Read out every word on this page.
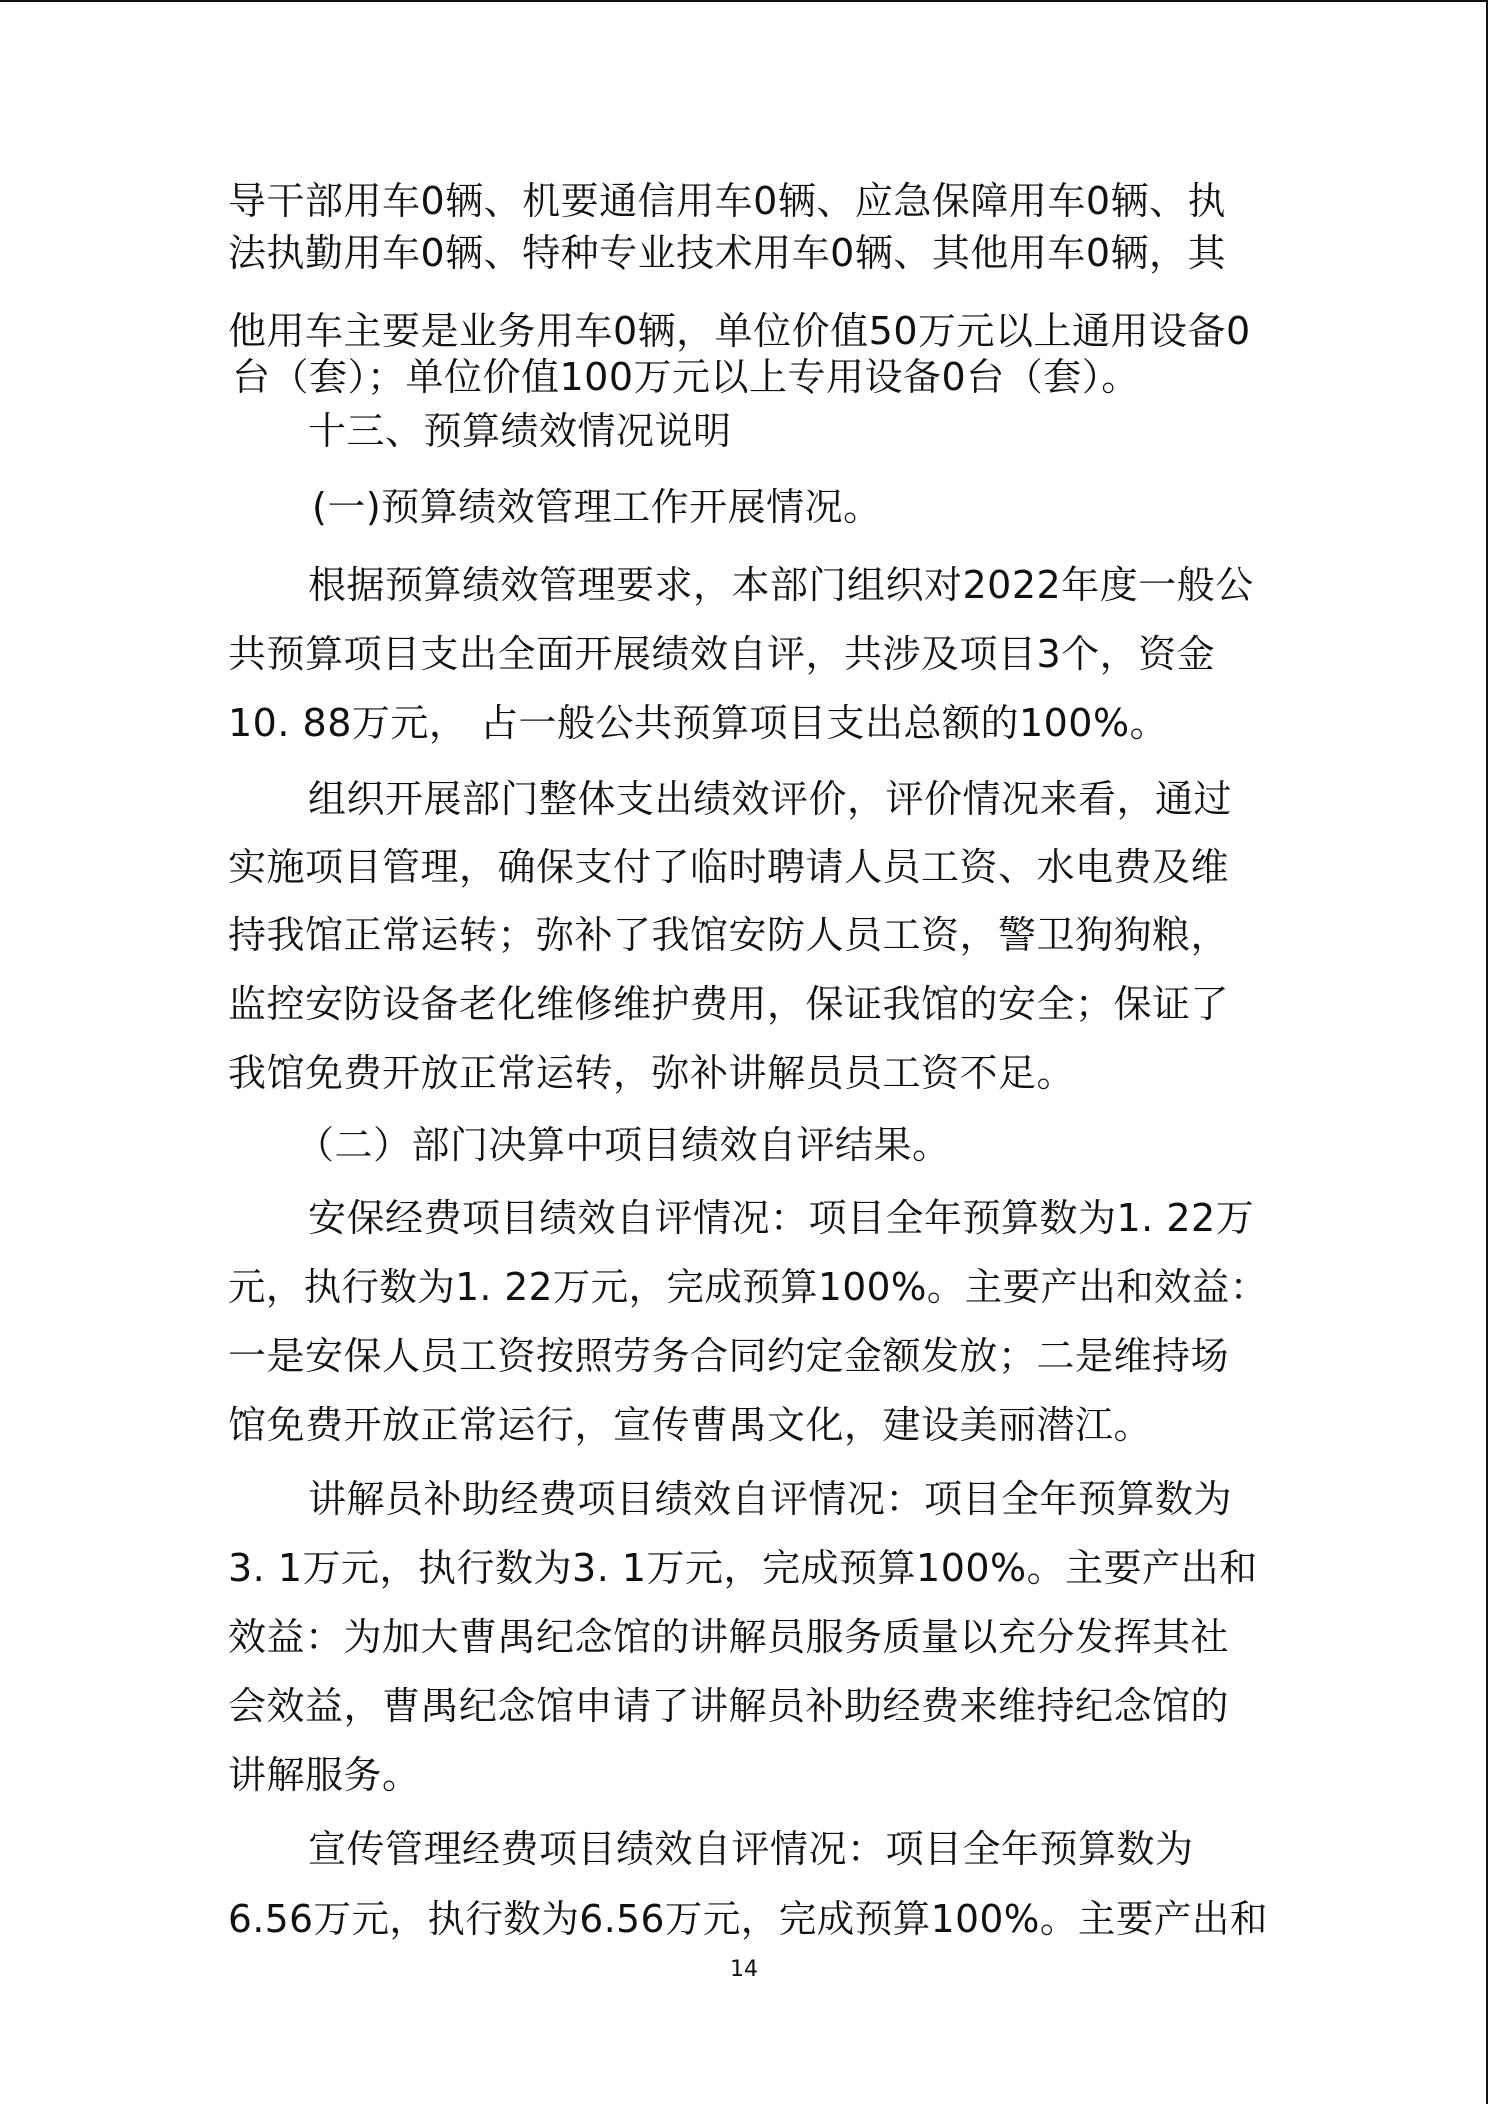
导干部用车0辆、机要通信用车0辆、应急保障用车0辆、执
法执勤用车0辆、特种专业技术用车0辆、其他用车0辆，其
他用车主要是业务用车0辆，单位价值50万元以上通用设备0
台（套）；单位价值100万元以上专用设备0台（套）。
十三、预算绩效情况说明
(一)预算绩效管理工作开展情况。
根据预算绩效管理要求，本部门组织对2022年度一般公
共预算项目支出全面开展绩效自评，共涉及项目3个，资金
10. 88万元， 占一般公共预算项目支出总额的100%。
组织开展部门整体支出绩效评价，评价情况来看，通过
实施项目管理，确保支付了临时聘请人员工资、水电费及维
持我馆正常运转；弥补了我馆安防人员工资，警卫狗狗粮，
监控安防设备老化维修维护费用，保证我馆的安全；保证了
我馆免费开放正常运转，弥补讲解员员工资不足。
（二）部门决算中项目绩效自评结果。
安保经费项目绩效自评情况：项目全年预算数为1. 22万
元，执行数为1. 22万元，完成预算100%。主要产出和效益：
一是安保人员工资按照劳务合同约定金额发放；二是维持场
馆免费开放正常运行，宣传曹禺文化，建设美丽潜江。
讲解员补助经费项目绩效自评情况：项目全年预算数为
3. 1万元，执行数为3. 1万元，完成预算100%。主要产出和
效益：为加大曹禺纪念馆的讲解员服务质量以充分发挥其社
会效益，曹禺纪念馆申请了讲解员补助经费来维持纪念馆的
讲解服务。
宣传管理经费项目绩效自评情况：项目全年预算数为
6.56万元，执行数为6.56万元，完成预算100%。主要产出和
14
